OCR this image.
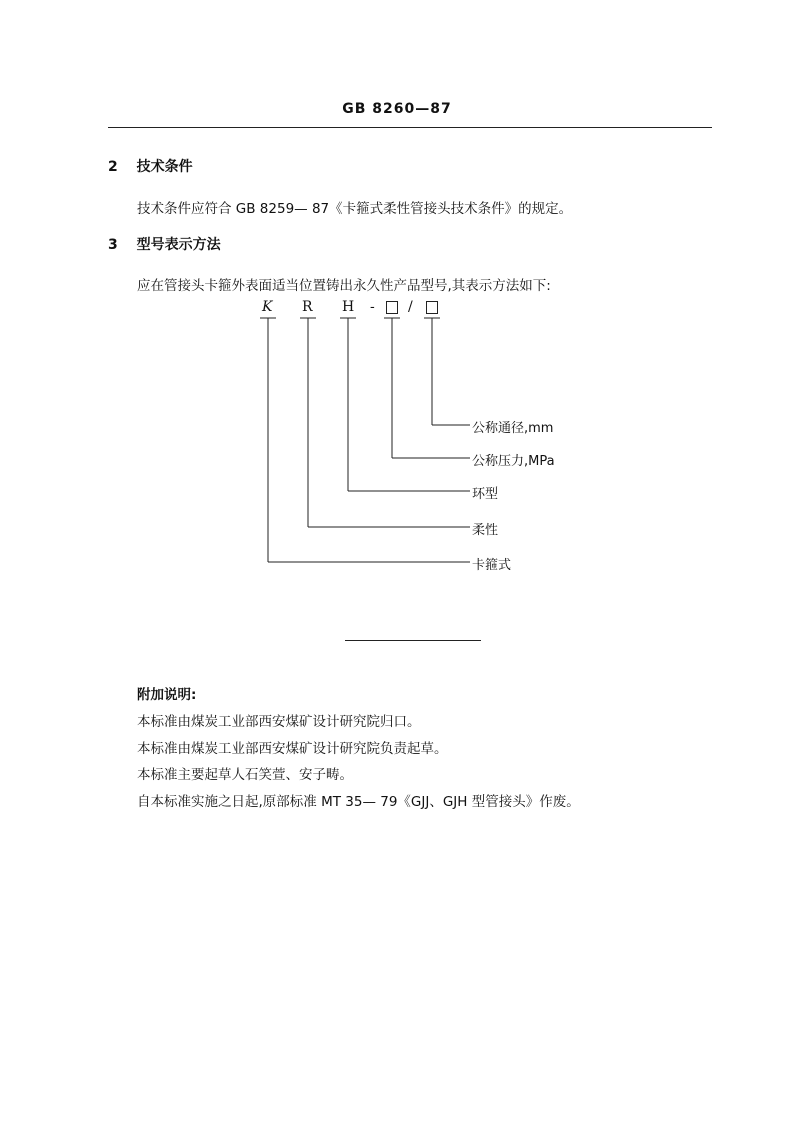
GB 8260—87
2 技术条件
技术条件应符合 GB 8259— 87《卡箍式柔性管接头技术条件》的规定。
3 型号表示方法
应在管接头卡箍外表面适当位置铸出永久性产品型号,其表示方法如下:
K R H - /
公称通径,mm
公称压力,MPa
环型
柔性
卡箍式
附加说明:
本标准由煤炭工业部西安煤矿设计研究院归口。
本标准由煤炭工业部西安煤矿设计研究院负责起草。
本标准主要起草人石笑萱、安子畴。
自本标准实施之日起,原部标准 MT 35— 79《GJJ、GJH 型管接头》作废。
